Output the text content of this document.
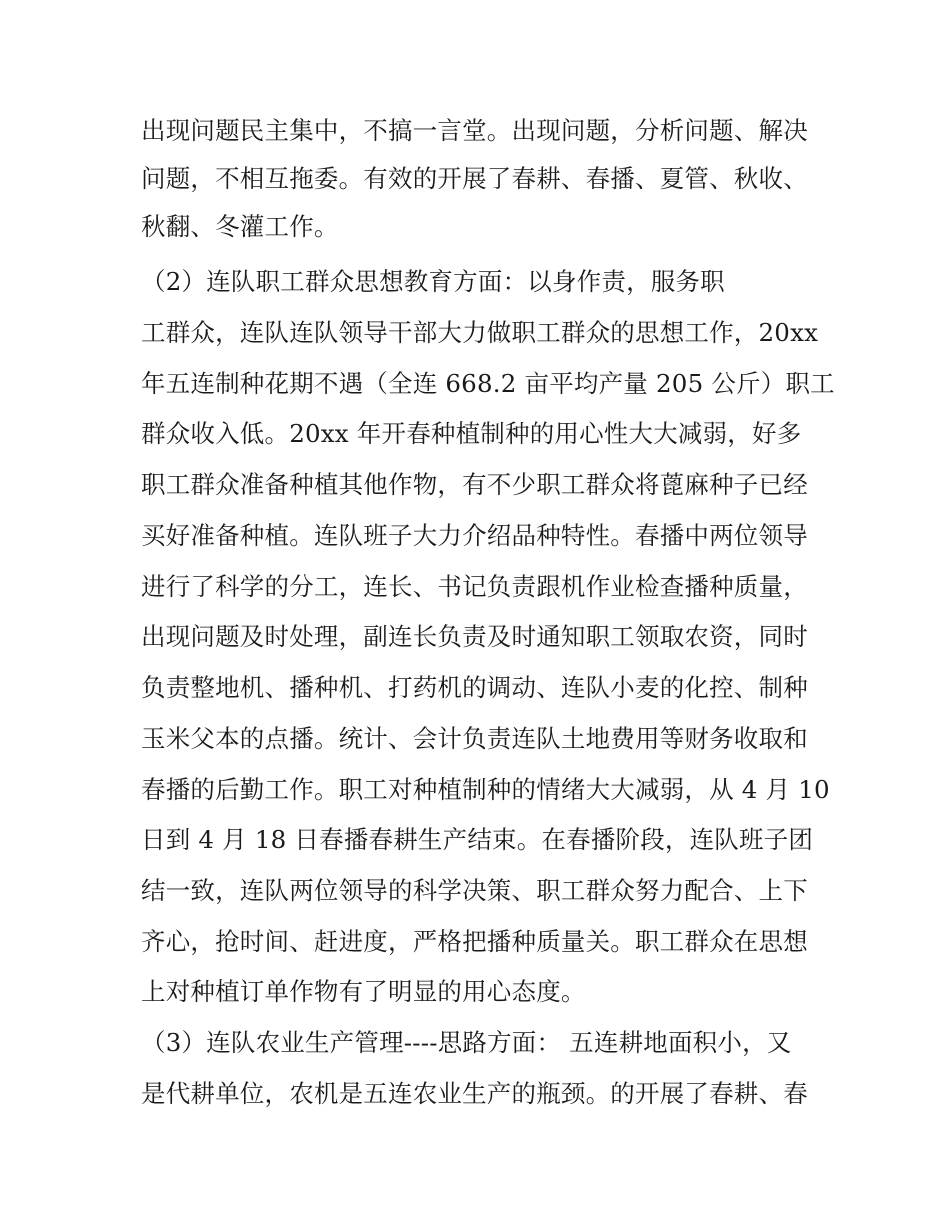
出现问题民主集中，不搞一言堂。出现问题，分析问题、解决
问题，不相互拖委。有效的开展了春耕、春播、夏管、秋收、
秋翻、冬灌工作。
（2）连队职工群众思想教育方面：以身作责，服务职
工群众，连队连队领导干部大力做职工群众的思想工作，20xx
年五连制种花期不遇（全连 668.2 亩平均产量 205 公斤）职工
群众收入低。20xx 年开春种植制种的用心性大大减弱，好多
职工群众准备种植其他作物，有不少职工群众将蓖麻种子已经
买好准备种植。连队班子大力介绍品种特性。春播中两位领导
进行了科学的分工，连长、书记负责跟机作业检查播种质量，
出现问题及时处理，副连长负责及时通知职工领取农资，同时
负责整地机、播种机、打药机的调动、连队小麦的化控、制种
玉米父本的点播。统计、会计负责连队土地费用等财务收取和
春播的后勤工作。职工对种植制种的情绪大大减弱，从 4 月 10
日到 4 月 18 日春播春耕生产结束。在春播阶段，连队班子团
结一致，连队两位领导的科学决策、职工群众努力配合、上下
齐心，抢时间、赶进度，严格把播种质量关。职工群众在思想
上对种植订单作物有了明显的用心态度。
（3）连队农业生产管理----思路方面： 五连耕地面积小，又
是代耕单位，农机是五连农业生产的瓶颈。的开展了春耕、春
